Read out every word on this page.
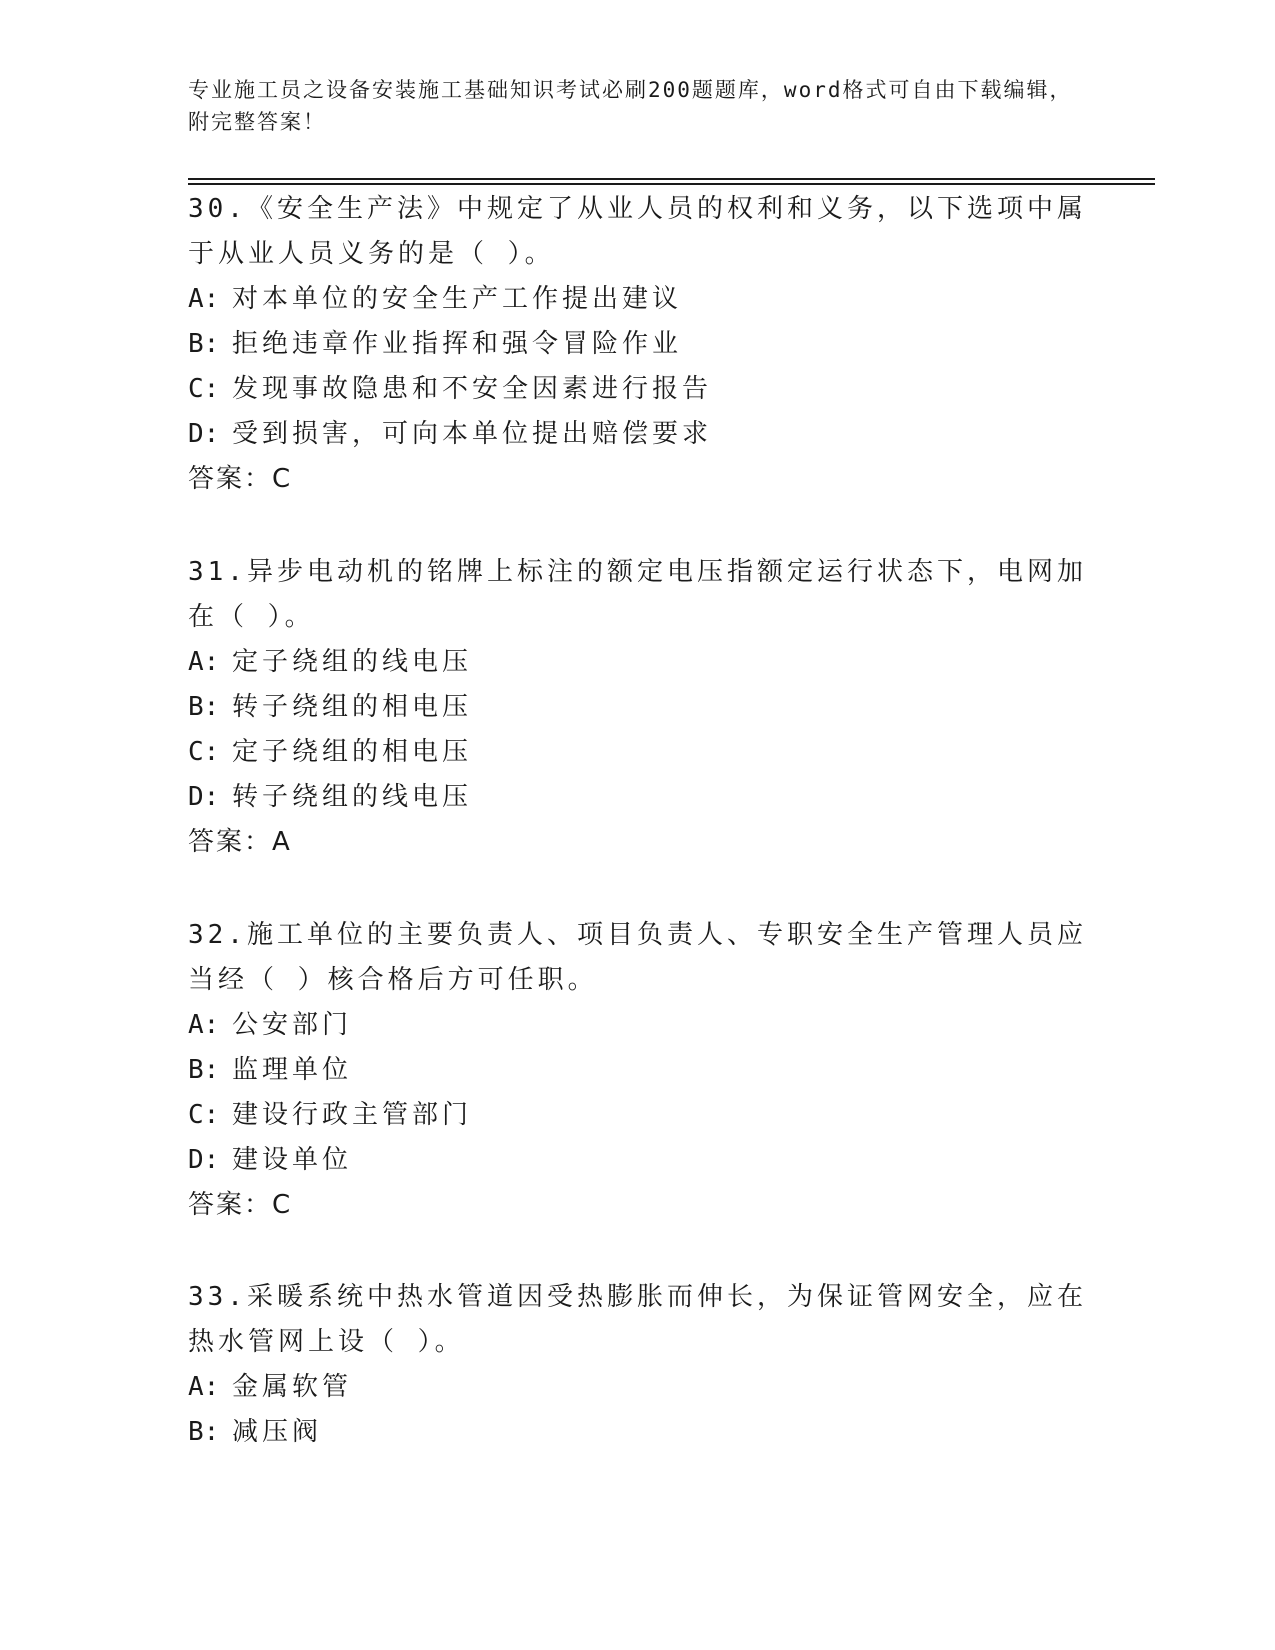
专业施工员之设备安装施工基础知识考试必刷200题题库，word格式可自由下载编辑，附完整答案！
30.《安全生产法》中规定了从业人员的权利和义务，以下选项中属于从业人员义务的是（ ）。
A: 对本单位的安全生产工作提出建议
B: 拒绝违章作业指挥和强令冒险作业
C: 发现事故隐患和不安全因素进行报告
D: 受到损害，可向本单位提出赔偿要求
答案：C
31.异步电动机的铭牌上标注的额定电压指额定运行状态下，电网加在（ ）。
A: 定子绕组的线电压
B: 转子绕组的相电压
C: 定子绕组的相电压
D: 转子绕组的线电压
答案：A
32.施工单位的主要负责人、项目负责人、专职安全生产管理人员应当经（ ）核合格后方可任职。
A: 公安部门
B: 监理单位
C: 建设行政主管部门
D: 建设单位
答案：C
33.采暖系统中热水管道因受热膨胀而伸长，为保证管网安全，应在热水管网上设（ ）。
A: 金属软管
B: 减压阀
